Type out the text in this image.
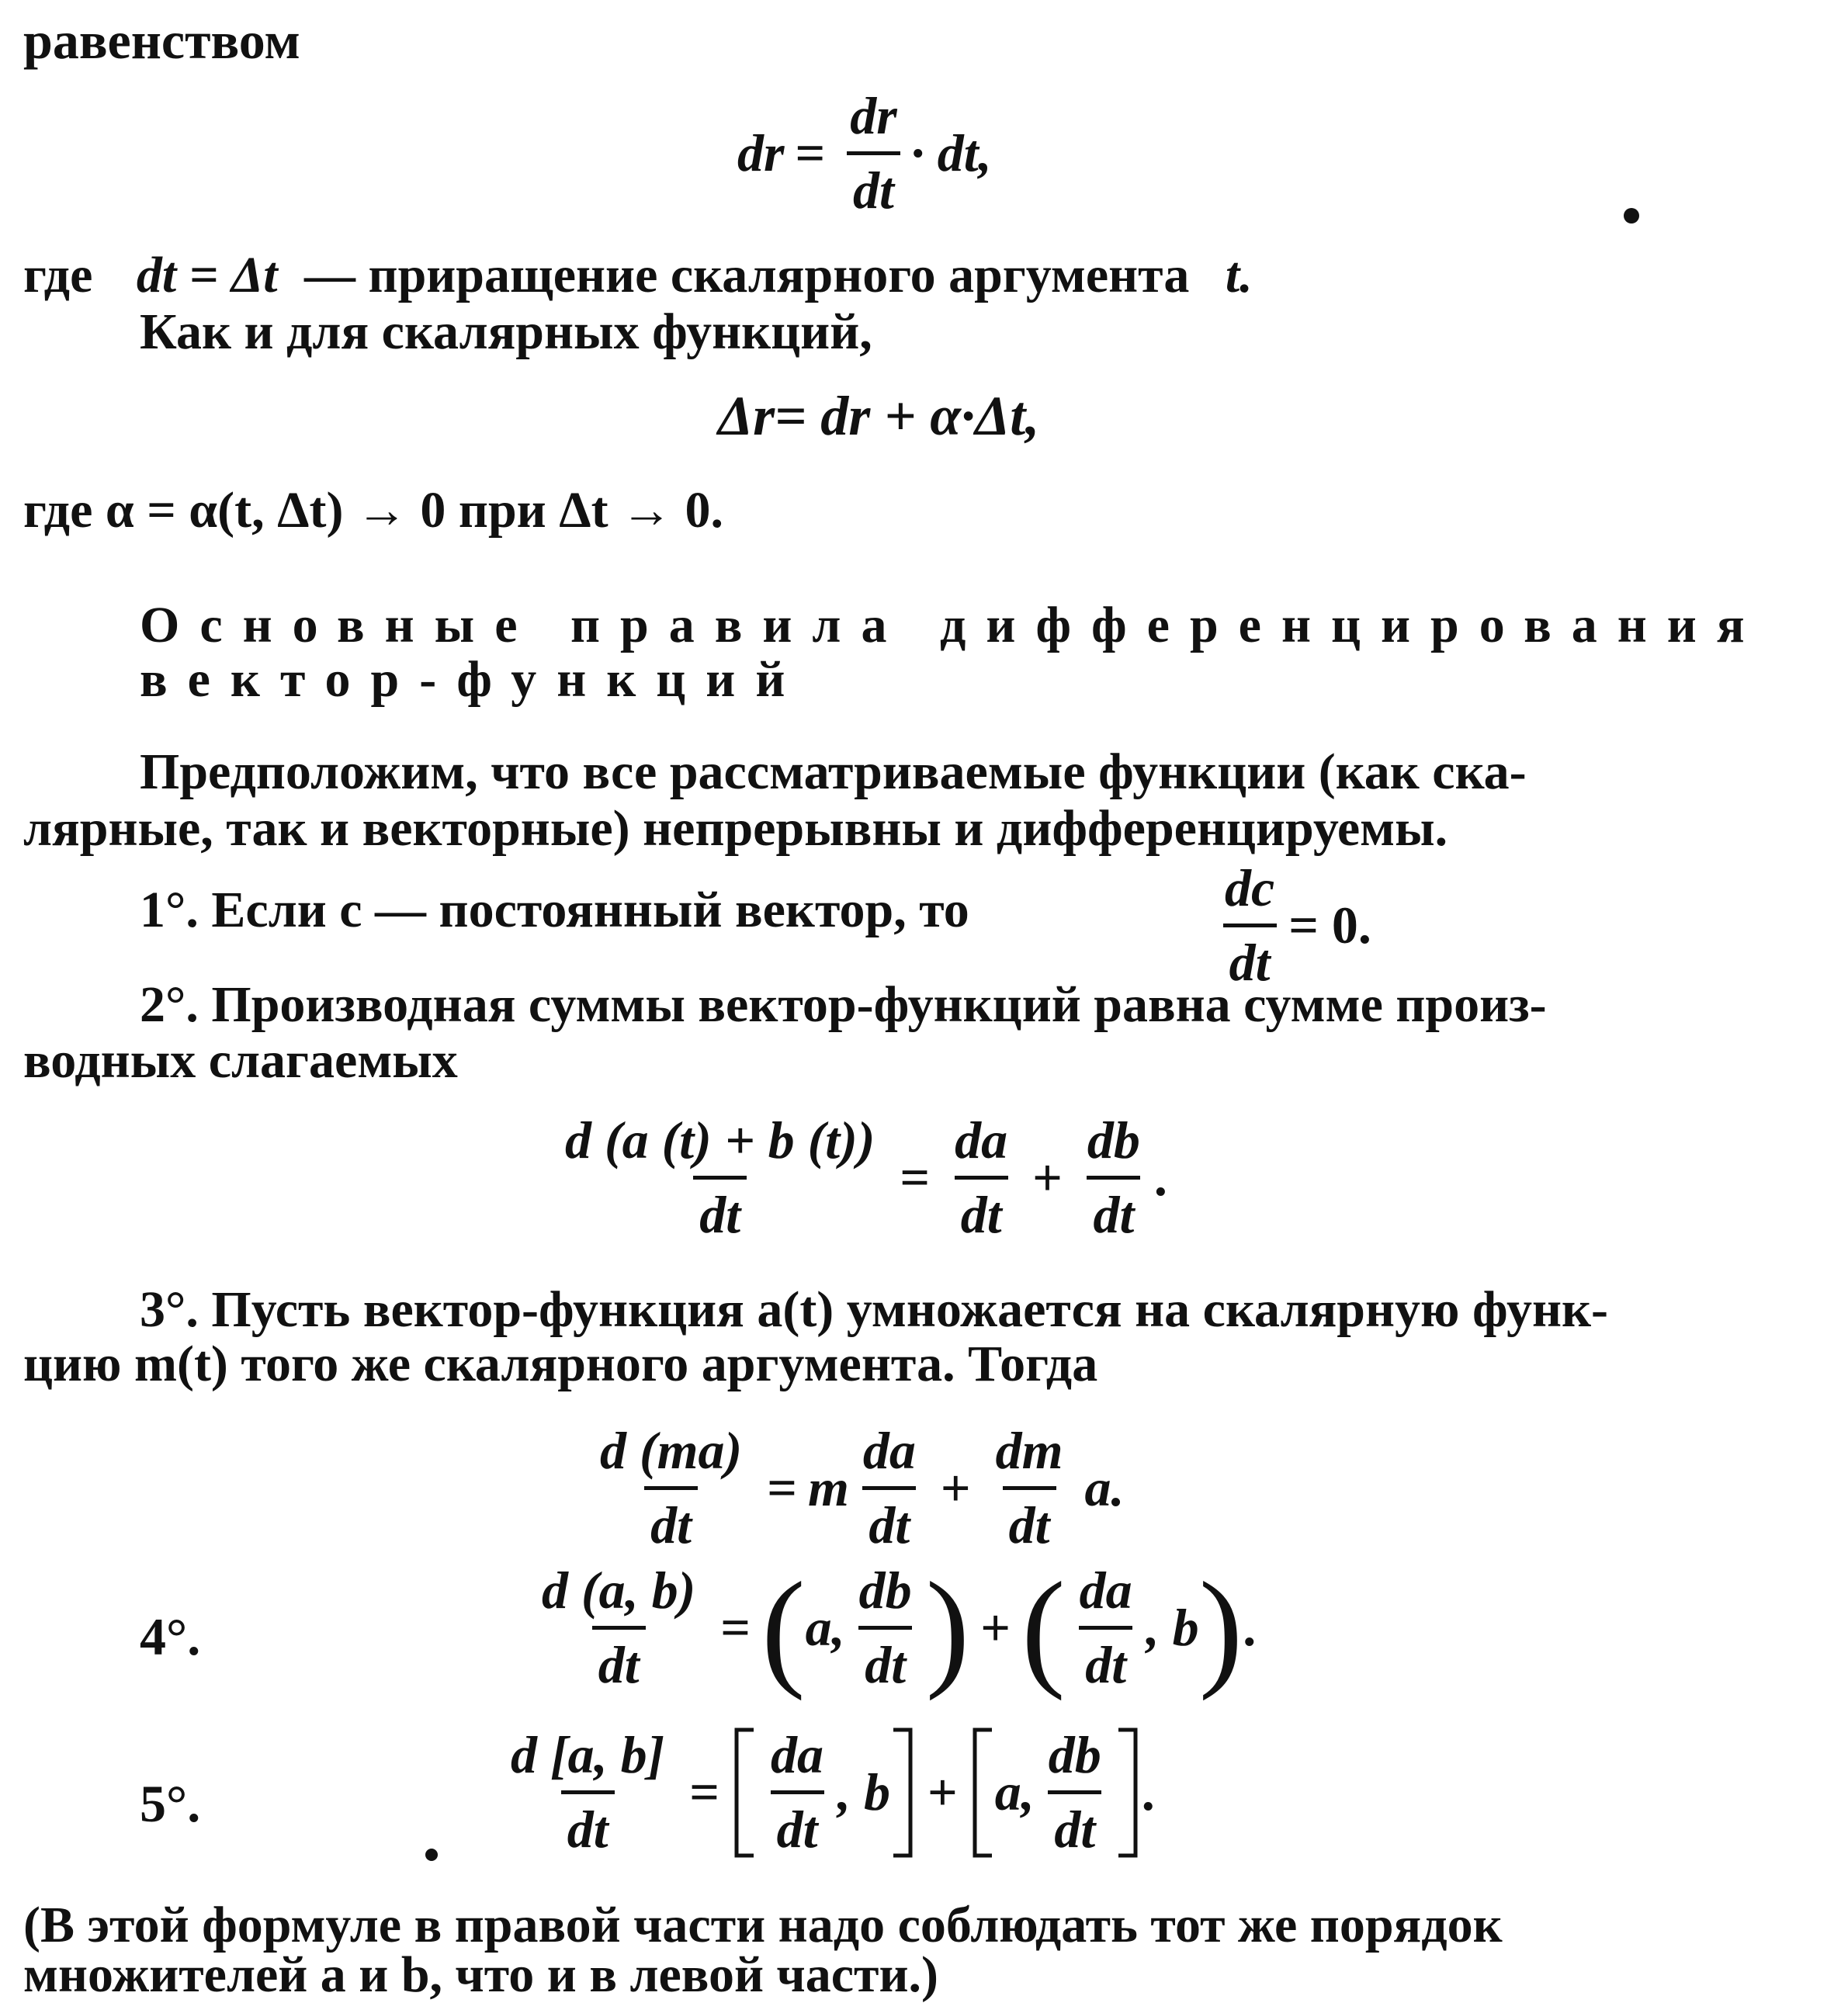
равенством
dr = $\frac{dr}{dt}$ · dt,
где dt = Δt — приращение скалярного аргумента t.
Как и для скалярных функций,
Δr= dr + α·Δt,
где α = α(t, Δt) → 0 при Δt → 0.
Основные правила дифференцирования
вектор-функций
Предположим, что все рассматриваемые функции (как ска-
лярные, так и векторные) непрерывны и дифференцируемы.
1°. Если c — постоянный вектор, то	$\frac{dc}{dt} = 0$.
2°. Производная суммы вектор-функций равна сумме произ-
водных слагаемых
$\frac{d (a (t) + b (t))}{dt} = \frac{da}{dt} + \frac{db}{dt}$ .
3°. Пусть вектор-функция a(t) умножается на скалярную функ-
цию m(t) того же скалярного аргумента. Тогда
$\frac{d (ma)}{dt} = m \frac{da}{dt} + \frac{dm}{dt} a$.
4°.	$\frac{d (a, b)}{dt}$ = ( a, $\frac{db}{dt}$ ) + ( $\frac{da}{dt}$ , b ) .
5°.	$\frac{d [a, b]}{dt} = \frac{da}{dt}$ , b + a, $\frac{db}{dt}$ .
(В этой формуле в правой части надо соблюдать тот же порядок
множителей a и b, что и в левой части.)
